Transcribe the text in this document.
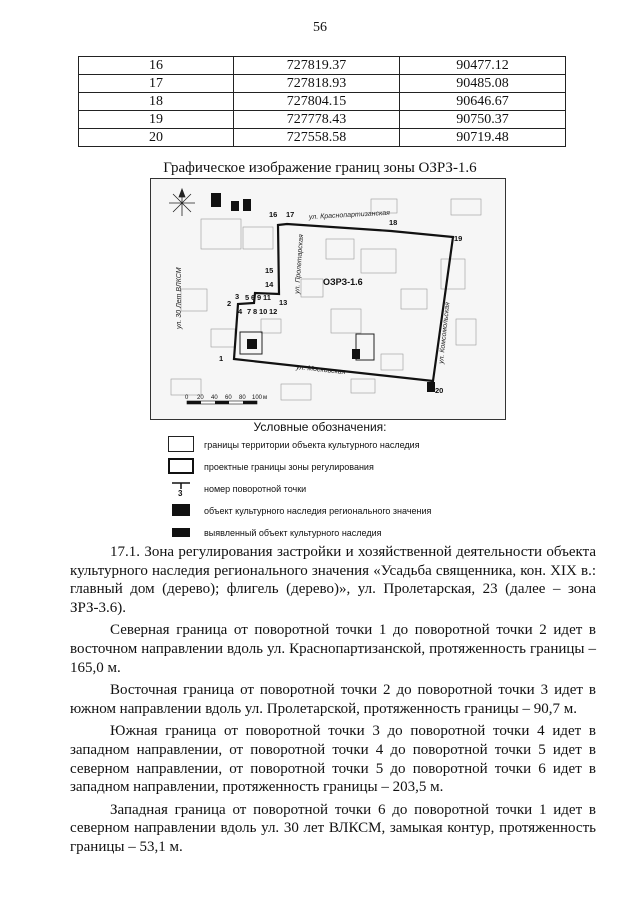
56
16	727819.37	90477.12
17	727818.93	90485.08
18	727804.15	90646.67
19	727778.43	90750.37
20	727558.58	90719.48
Графическое изображение границ зоны ОЗРЗ-1.6
ул. Краснопартизанская
ул. Пролетарская
ул. Московская
ул. 30 Лет ВЛКСМ
ул. Комсомольская
ОЗРЗ-1.6
1
2
3
4
5 6
7 8
9
10
11
12
13
14
15
16 17
18
19
20
0 20 40 60 80 100 м
Условные обозначения:
границы территории объекта культурного наследия
проектные границы зоны регулирования
3 номер поворотной точки
объект культурного наследия регионального значения
выявленный объект культурного наследия

17.1. Зона регулирования застройки и хозяйственной деятельности объекта культурного наследия регионального значения «Усадьба священника, кон. XIX в.: главный дом (дерево); флигель (дерево)», ул. Пролетарская, 23 (далее – зона ЗРЗ-3.6).

Северная граница от поворотной точки 1 до поворотной точки 2 идет в восточном направлении вдоль ул. Краснопартизанской, протяженность границы – 165,0 м.

Восточная граница от поворотной точки 2 до поворотной точки 3 идет в южном направлении вдоль ул. Пролетарской, протяженность границы – 90,7 м.

Южная граница от поворотной точки 3 до поворотной точки 4 идет в западном направлении, от поворотной точки 4 до поворотной точки 5 идет в северном направлении, от поворотной точки 5 до поворотной точки 6 идет в западном направлении, протяженность границы – 203,5 м.

Западная граница от поворотной точки 6 до поворотной точки 1 идет в северном направлении вдоль ул. 30 лет ВЛКСМ, замыкая контур, протяженность границы – 53,1 м.
